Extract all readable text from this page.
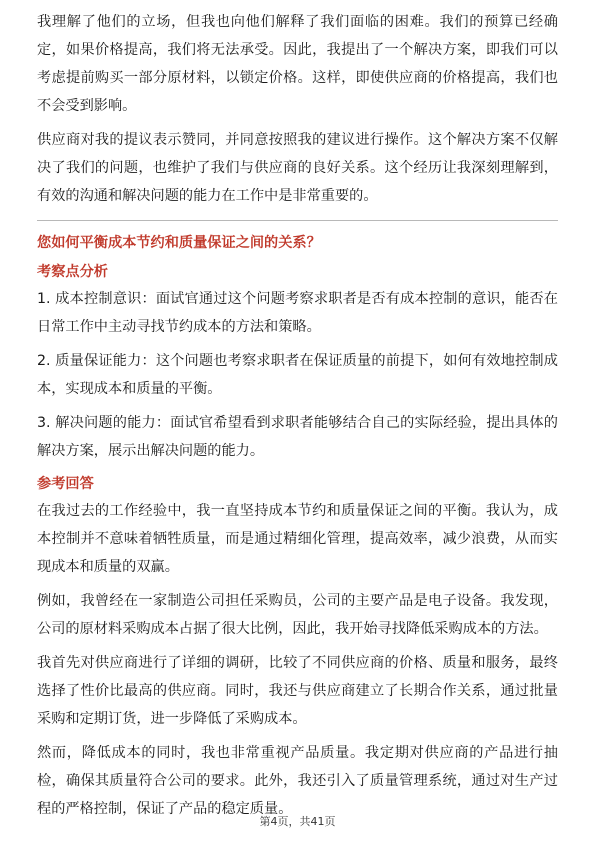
我理解了他们的立场，但我也向他们解释了我们面临的困难。我们的预算已经确定，如果价格提高，我们将无法承受。因此，我提出了一个解决方案，即我们可以考虑提前购买一部分原材料，以锁定价格。这样，即使供应商的价格提高，我们也不会受到影响。

供应商对我的提议表示赞同，并同意按照我的建议进行操作。这个解决方案不仅解决了我们的问题，也维护了我们与供应商的良好关系。这个经历让我深刻理解到，有效的沟通和解决问题的能力在工作中是非常重要的。

您如何平衡成本节约和质量保证之间的关系？
考察点分析

1. 成本控制意识：面试官通过这个问题考察求职者是否有成本控制的意识，能否在日常工作中主动寻找节约成本的方法和策略。

2. 质量保证能力：这个问题也考察求职者在保证质量的前提下，如何有效地控制成本，实现成本和质量的平衡。

3. 解决问题的能力：面试官希望看到求职者能够结合自己的实际经验，提出具体的解决方案，展示出解决问题的能力。

参考回答

在我过去的工作经验中，我一直坚持成本节约和质量保证之间的平衡。我认为，成本控制并不意味着牺牲质量，而是通过精细化管理，提高效率，减少浪费，从而实现成本和质量的双赢。

例如，我曾经在一家制造公司担任采购员，公司的主要产品是电子设备。我发现，公司的原材料采购成本占据了很大比例，因此，我开始寻找降低采购成本的方法。

我首先对供应商进行了详细的调研，比较了不同供应商的价格、质量和服务，最终选择了性价比最高的供应商。同时，我还与供应商建立了长期合作关系，通过批量采购和定期订货，进一步降低了采购成本。

然而，降低成本的同时，我也非常重视产品质量。我定期对供应商的产品进行抽检，确保其质量符合公司的要求。此外，我还引入了质量管理系统，通过对生产过程的严格控制，保证了产品的稳定质量。

第4页，共41页
